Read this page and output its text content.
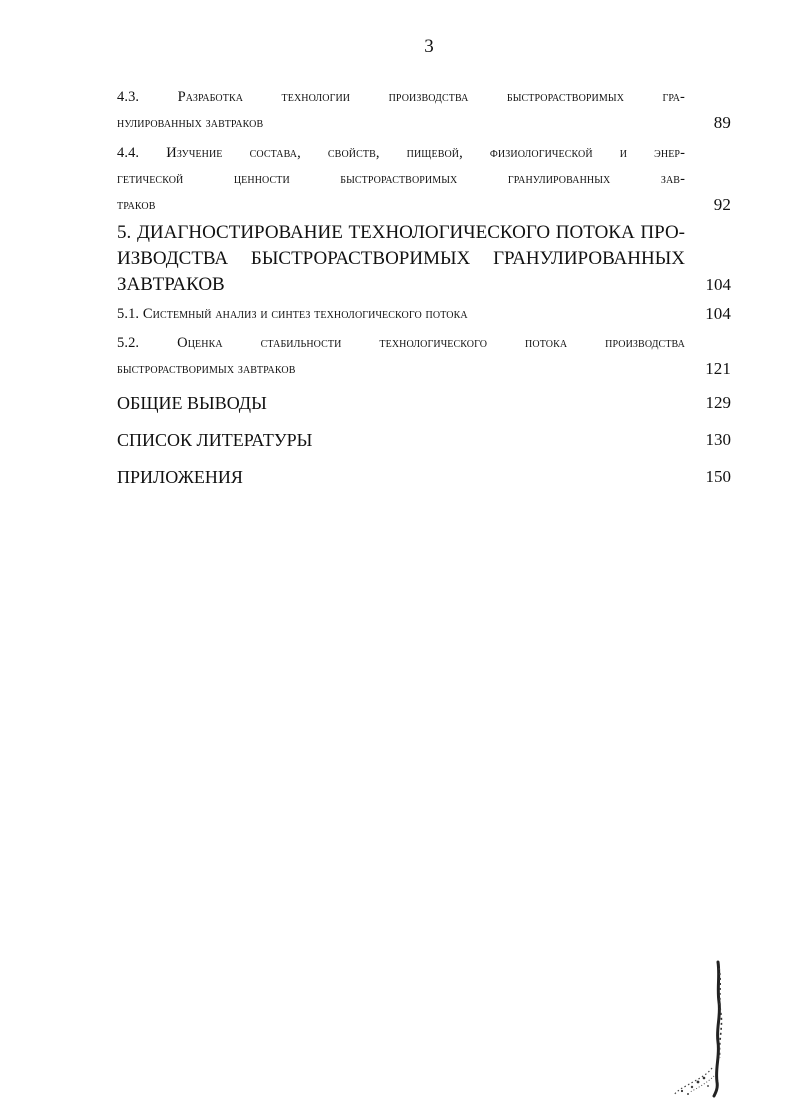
3
4.3. Разработка технологии производства быстрорастворимых гра-
нулированных завтраков	89
4.4. Изучение состава, свойств, пищевой, физиологической и энер-
гетической ценности быстрорастворимых гранулированных зав-
траков	92
5. ДИАГНОСТИРОВАНИЕ ТЕХНОЛОГИЧЕСКОГО ПОТОКА ПРО-
ИЗВОДСТВА БЫСТРОРАСТВОРИМЫХ ГРАНУЛИРОВАННЫХ
ЗАВТРАКОВ	104
5.1. Системный анализ и синтез технологического потока	104
5.2. Оценка стабильности технологического потока производства
быстрорастворимых завтраков	121
ОБЩИЕ ВЫВОДЫ	129
СПИСОК ЛИТЕРАТУРЫ	130
ПРИЛОЖЕНИЯ	150
